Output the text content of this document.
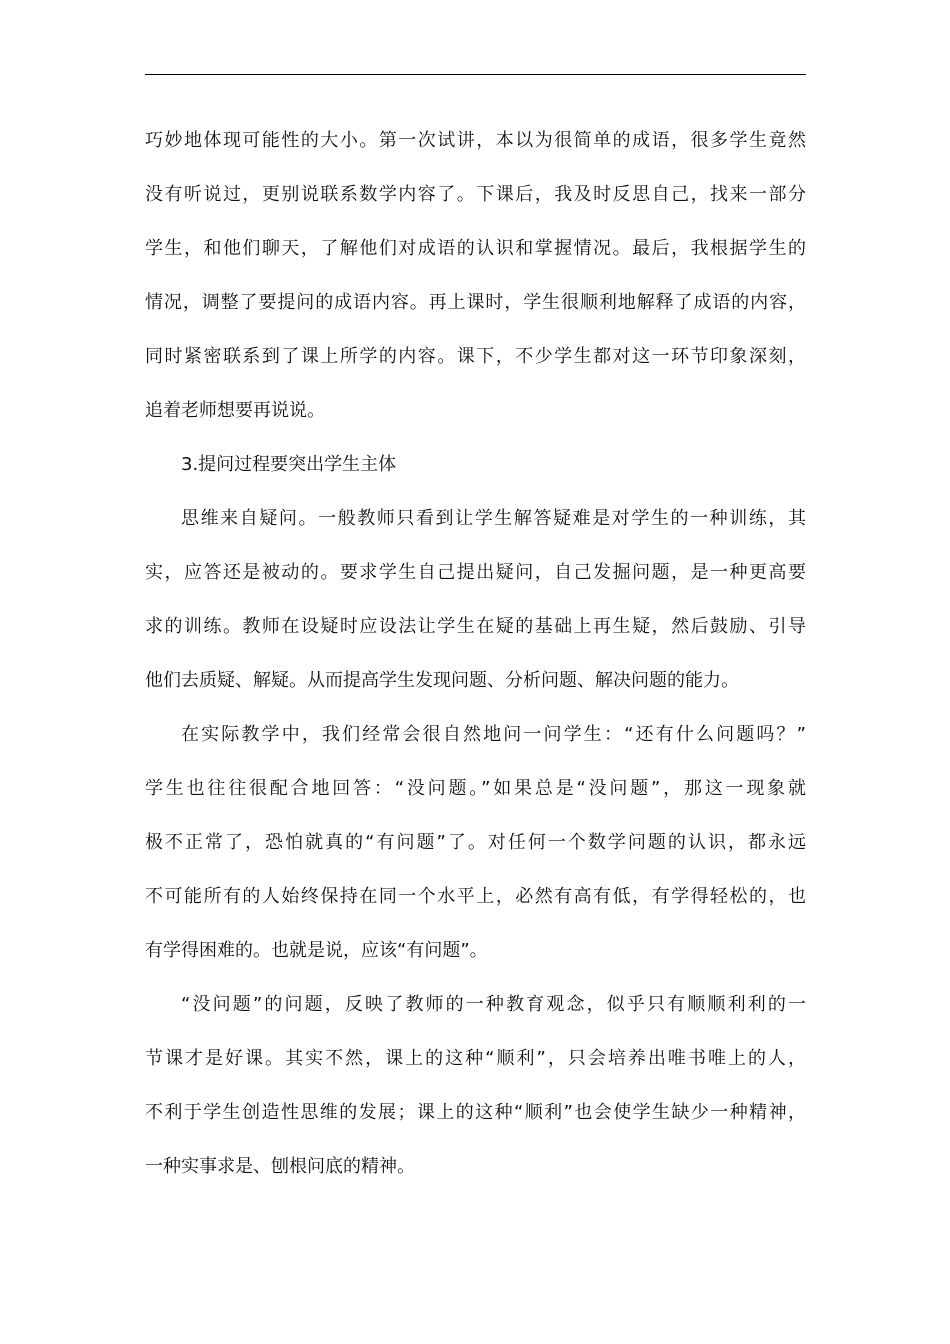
巧妙地体现可能性的大小。第一次试讲，本以为很简单的成语，很多学生竟然
没有听说过，更别说联系数学内容了。下课后，我及时反思自己，找来一部分
学生，和他们聊天，了解他们对成语的认识和掌握情况。最后，我根据学生的
情况，调整了要提问的成语内容。再上课时，学生很顺利地解释了成语的内容，
同时紧密联系到了课上所学的内容。课下，不少学生都对这一环节印象深刻，
追着老师想要再说说。
3.提问过程要突出学生主体
思维来自疑问。一般教师只看到让学生解答疑难是对学生的一种训练，其
实，应答还是被动的。要求学生自己提出疑问，自己发掘问题，是一种更高要
求的训练。教师在设疑时应设法让学生在疑的基础上再生疑，然后鼓励、引导
他们去质疑、解疑。从而提高学生发现问题、分析问题、解决问题的能力。
在实际教学中，我们经常会很自然地问一问学生：“还有什么问题吗？”
学生也往往很配合地回答：“没问题。”如果总是“没问题”，那这一现象就
极不正常了，恐怕就真的“有问题”了。对任何一个数学问题的认识，都永远
不可能所有的人始终保持在同一个水平上，必然有高有低，有学得轻松的，也
有学得困难的。也就是说，应该“有问题”。
“没问题”的问题，反映了教师的一种教育观念，似乎只有顺顺利利的一
节课才是好课。其实不然，课上的这种“顺利”，只会培养出唯书唯上的人，
不利于学生创造性思维的发展；课上的这种“顺利”也会使学生缺少一种精神，
一种实事求是、刨根问底的精神。
